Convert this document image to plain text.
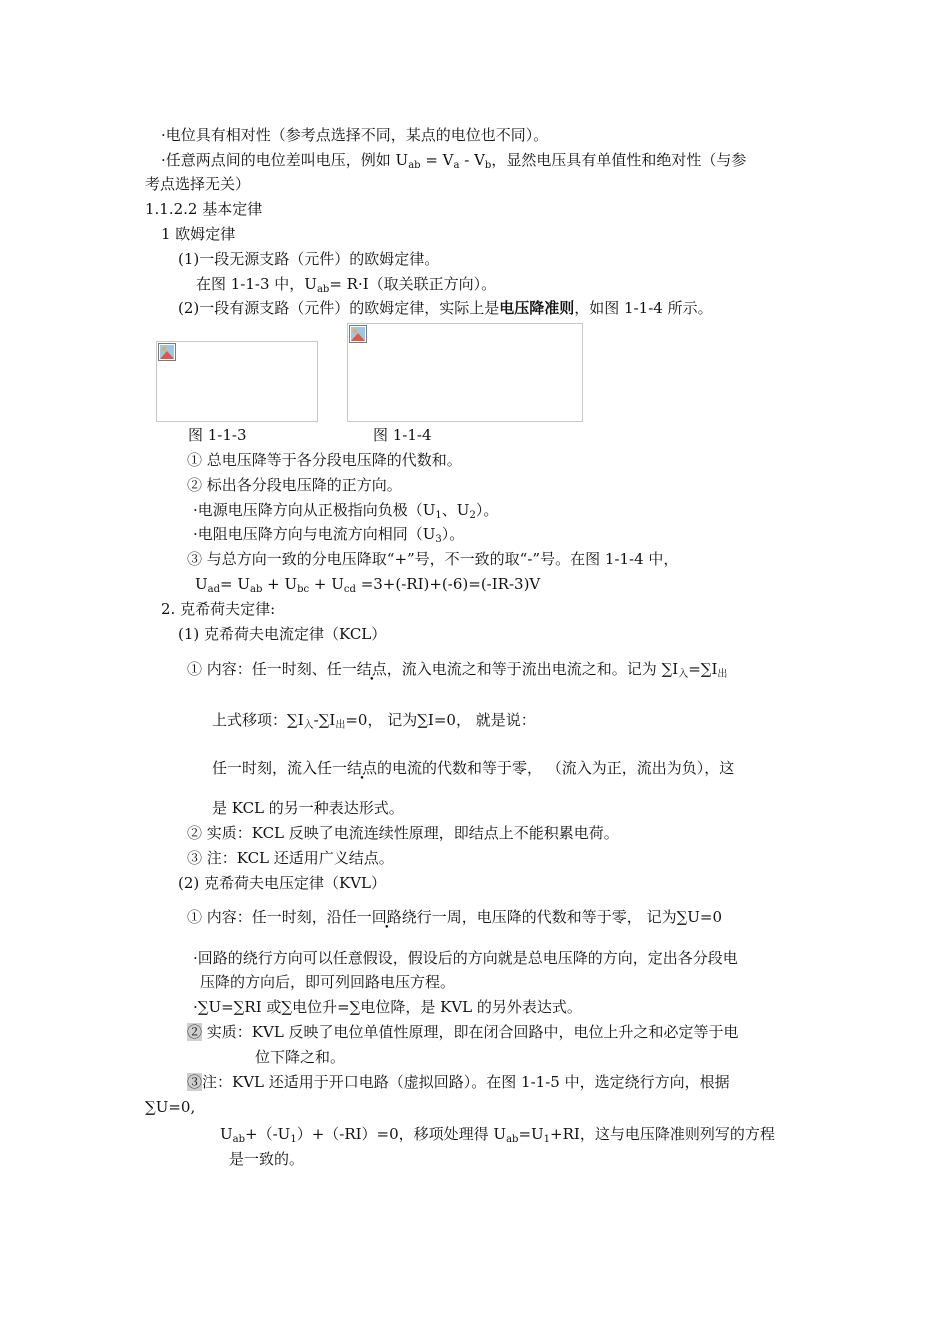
·电位具有相对性（参考点选择不同，某点的电位也不同）。
·任意两点间的电位差叫电压，例如 $U_{ab} = V_a - V_b$，显然电压具有单值性和绝对性（与参
考点选择无关）
1.1.2.2 基本定律
1 欧姆定律
(1)一段无源支路（元件）的欧姆定律。
在图 1-1-3 中，$U_{ab}= R\cdot I$（取关联正方向）。
(2)一段有源支路（元件）的欧姆定律，实际上是电压降准则，如图 1-1-4 所示。
图 1-1-3	图 1-1-4
① 总电压降等于各分段电压降的代数和。
② 标出各分段电压降的正方向。
·电源电压降方向从正极指向负极（$U_1$、$U_2$）。
·电阻电压降方向与电流方向相同$(U_3)$。
③ 与总方向一致的分电压降取“+”号，不一致的取“-”号。在图 1-1-4 中，
$U_{ad}= U_{ab} + U_{bc} + U_{cd} =3+(-RI)+(-6)=(-IR-3)V$
2. 克希荷夫定律:
(1) 克希荷夫电流定律（KCL）
① 内容：任一时刻、任一结点，流入电流之和等于流出电流之和。记为 $\sum I_入=\sum I_出$
上式移项：$\sum I_入-\sum I_出=0$， 记为∑I=0， 就是说：
任一时刻，流入任一结点的电流的代数和等于零， （流入为正，流出为负），这
是 KCL 的另一种表达形式。
② 实质：KCL 反映了电流连续性原理，即结点上不能积累电荷。
③ 注：KCL 还适用广义结点。
(2) 克希荷夫电压定律（KVL）
① 内容：任一时刻，沿任一回路绕行一周，电压降的代数和等于零， 记为∑U=0
·回路的绕行方向可以任意假设，假设后的方向就是总电压降的方向，定出各分段电
压降的方向后，即可列回路电压方程。
·∑U=∑RI 或∑电位升=∑电位降，是 KVL 的另外表达式。
② 实质：KVL 反映了电位单值性原理，即在闭合回路中，电位上升之和必定等于电
位下降之和。
③注：KVL 还适用于开口电路（虚拟回路）。在图 1-1-5 中，选定绕行方向，根据
∑U=0,
$U_{ab}+(-U_1)+(-RI)=0$，移项处理得 $U_{ab}=U_1+RI$，这与电压降准则列写的方程
是一致的。
